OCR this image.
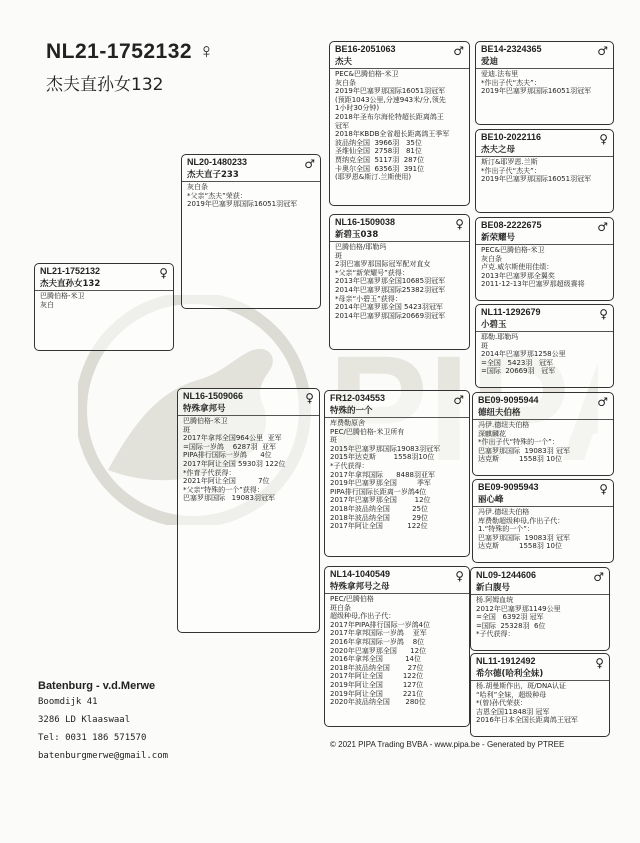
NL21-1752132 ♀
杰夫直孙女132
NL21-1752132
杰夫直孙女132
♀
巴腾伯格-米卫
灰白
NL20-1480233
杰夫直子233
♂
灰白条
*父亲“杰夫”荣获：
2019年巴塞罗那国际16051羽冠军
NL16-1509066
特殊拿邦号
♀
巴腾伯格-米卫
斑
2017年拿邦全国964公里  亚军
=国际一岁鸽    6287羽  亚军
PIPA排行国际一岁鸽      4位
2017年阿让全国 5930羽 122位
*作育子代获得：
2021年阿让全国          7位
*父亲“特殊的一个”获得：
巴塞罗那国际   19083羽冠军
BE16-2051063
杰夫
♂
PEC&巴腾伯格-米卫
灰白条
2019年巴塞罗那国际16051羽冠军
(预距1043公里,分速943米/分,领先
1小时30分钟)
2018年圣布尔海伦特超长距离鸽王
冠军
2018年KBDB全省超长距离鸽王季军
波品纳全国  3966羽   35位
圣维仙全国  2758羽   81位
贾纳克全国  5117羽  287位
卡奥尔全国  6356羽  391位
(耶罗恩&斯汀.兰斯使用)
NL16-1509038
新碧玉038
♀
巴腾伯格/耶勒玛
斑
2羽巴塞罗那国际冠军配对直女
*父亲“新荣耀号”获得：
2013年巴塞罗那全国10685羽冠军
2014年巴塞罗那国际25382羽冠军
*母亲“小碧玉”获得：
2014年巴塞罗那全国 5423羽冠军
2014年巴塞罗那国际20669羽冠军
FR12-034553
特殊的一个
♂
库费勒原舍
PEC/巴腾伯格-米卫所有
斑
2015年巴塞罗那国际19083羽冠军
2015年达克斯        1558羽10位
*子代获得：
2017年拿邦国际      8488羽亚军
2019年巴塞罗那全国         季军
PIPA排行国际长距离一岁鸽4位
2017年巴塞罗那全国        12位
2018年波品纳全国          25位
2018年波品纳全国          29位
2017年阿让全国           122位
NL14-1040549
特殊拿邦号之母
♀
PEC/巴腾伯格
斑白条
超级种母,作出子代：
2017年PIPA排行国际一岁鸽4位
2017年拿邦国际一岁鸽    亚军
2016年拿邦国际一岁鸽    8位
2020年巴塞罗那全国      12位
2016年拿邦全国          14位
2018年波品纳全国        27位
2017年阿让全国         122位
2019年阿让全国         127位
2019年阿让全国         221位
2020年波品纳全国       280位
BE14-2324365
爱迪
♂
爱迪.法布里
*作出子代“杰夫”：
2019年巴塞罗那国际16051羽冠军
BE10-2022116
杰夫之母
♀
斯汀&耶罗恩.兰斯
*作出子代“杰夫”：
2019年巴塞罗那国际16051羽冠军
BE08-2222675
新荣耀号
♂
PEC&巴腾伯格-米卫
灰白条
卢克.威尔斯使用佳绩：
2013年巴塞罗那全翼奖
2011-12-13年巴塞罗那超级赛将
NL11-1292679
小碧玉
♀
耶勒.耶勒玛
斑
2014年巴塞罗那1258公里
=全国   5423羽   冠军
=国际  20669羽   冠军
BE09-9095944
德纽夫伯格
♂
冯伊.德纽夫伯格
深麒麟花
*作出子代“特殊的一个”：
巴塞罗那国际  19083羽 冠军
达克斯         1558羽 10位
BE09-9095943
丽心峰
♀
冯伊.德纽夫伯格
库费勒超级种母,作出子代：
1.“特殊的一个”：
巴塞罗那国际  19083羽 冠军
达克斯         1558羽 10位
NL09-1244606
新白腹号
♂
杨.阿姆血统
2012年巴塞罗那1149公里
=全国   6392羽 冠军
=国际  25328羽  6位
*子代获得：
NL11-1912492
希尔德(哈利全妹)
♀
杨.胡曼斯作出，斑/DNA认证
“哈利”全妹，超级种母
*(曾)孙代荣获：
吉恩全国11848羽 冠军
2016年日本全国长距离鸽王冠军
Batenburg - v.d.Merwe
Boomdijk 41
3286 LD Klaaswaal
Tel: 0031 186 571570
batenburgmerwe@gmail.com
© 2021 PIPA Trading BVBA - www.pipa.be - Generated by PTREE
